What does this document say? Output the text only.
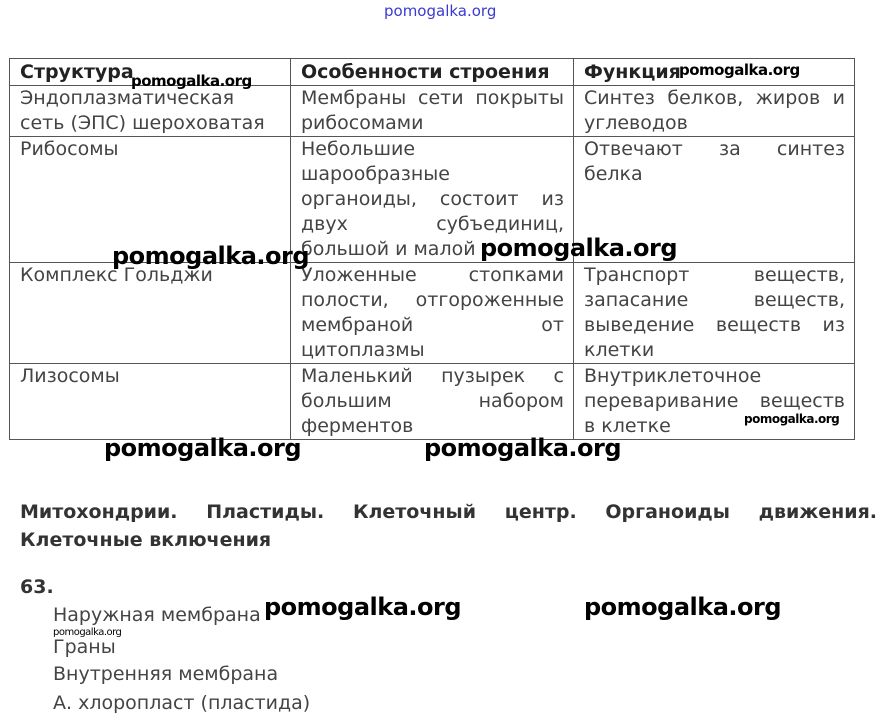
pomogalka.org
Структура	Особенности строения	Функция
Эндоплазматическая сеть (ЭПС) шероховатая	Мембраны сети покрыты рибосомами	Синтез белков, жиров и углеводов
Рибосомы	Небольшие шарообразные органоиды, состоит из двух субъединиц, большой и малой	Отвечают за синтез белка
Комплекс Гольджи	Уложенные стопками полости, отгороженные мембраной от цитоплазмы	Транспорт веществ, запасание веществ, выведение веществ из клетки
Лизосомы	Маленький пузырек с большим набором ферментов	Внутриклеточное переваривание веществ в клетке
pomogalka.org
pomogalka.org
pomogalka.org	pomogalka.org
pomogalka.org
pomogalka.org	pomogalka.org
Митохондрии. Пластиды. Клеточный центр. Органоиды движения. Клеточные включения
63.
Наружная мембрана
Граны
Внутренняя мембрана
А. хлоропласт (пластида)
pomogalka.org	pomogalka.org
pomogalka.org
